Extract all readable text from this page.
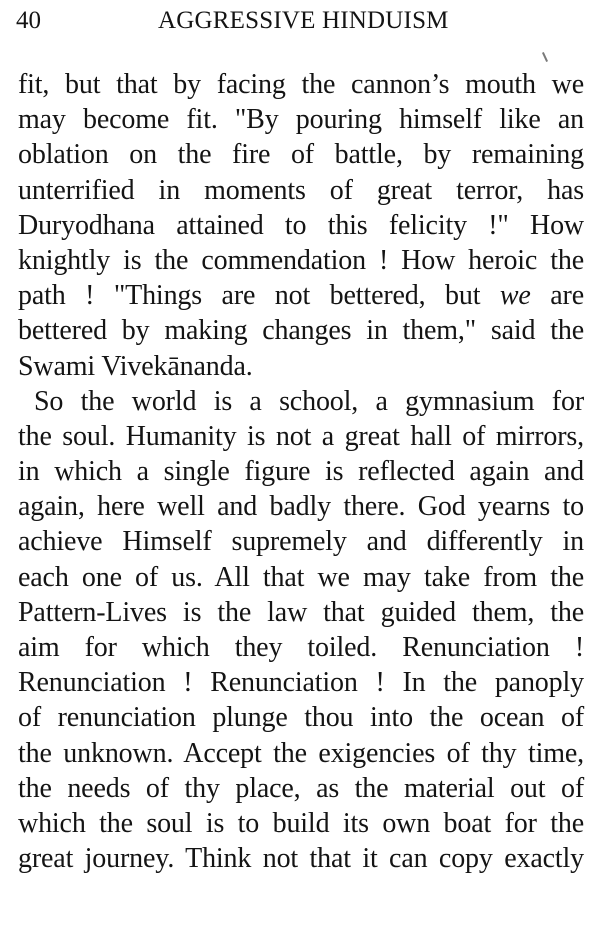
40	AGGRESSIVE HINDUISM
fit, but that by facing the cannon’s mouth we
may become fit. "By pouring himself like an
oblation on the fire of battle, by remaining
unterrified in moments of great terror, has
Duryodhana attained to this felicity !" How
knightly is the commendation ! How heroic the
path ! "Things are not bettered, but we are
bettered by making changes in them," said the
Swami Vivekānanda.
So the world is a school, a gymnasium for
the soul. Humanity is not a great hall of mirrors,
in which a single figure is reflected again and
again, here well and badly there. God yearns to
achieve Himself supremely and differently in
each one of us. All that we may take from the
Pattern-Lives is the law that guided them, the
aim for which they toiled. Renunciation !
Renunciation ! Renunciation ! In the panoply
of renunciation plunge thou into the ocean of
the unknown. Accept the exigencies of thy time,
the needs of thy place, as the material out of
which the soul is to build its own boat for the
great journey. Think not that it can copy exactly
